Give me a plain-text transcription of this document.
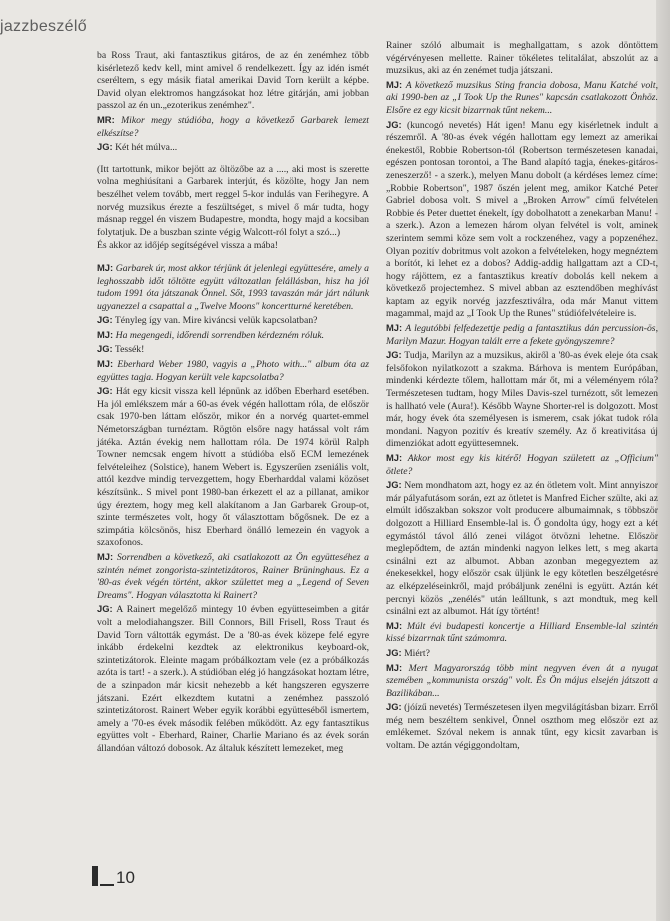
jazzbeszélő

ba Ross Traut, aki fantasztikus gitáros, de az én zenémhez több kisérletező kedv kell, mint amivel ő rendelkezett. Így az idén ismét cseréltem, s egy másik fiatal amerikai David Torn került a képbe. David olyan elektromos hangzásokat hoz létre gitárján, ami jobban passzol az én un.„ezoterikus zenémhez".

MR: Mikor megy stúdióba, hogy a következő Garbarek lemezt elkészítse?

JG: Két hét múlva...

(Itt tartottunk, mikor bejött az öltözőbe az a ...., aki most is szerette volna meghiúsítani a Garbarek interjút, és közölte, hogy Jan nem beszélhet velem tovább, mert reggel 5-kor indulás van Ferihegyre. A norvég muzsikus érezte a feszültséget, s mivel ő már tudta, hogy másnap reggel én viszem Budapestre, mondta, hogy majd a kocsiban folytatjuk. De a buszban szinte végig Walcott-ról folyt a szó...)

És akkor az időjép segítségével vissza a mába!

MJ: Garbarek úr, most akkor térjünk át jelenlegi együttesére, amely a leghosszabb időt töltötte együtt változatlan felállásban, hisz ha jól tudom 1991 óta játszanak Önnel. Sőt, 1993 tavaszán már járt nálunk ugyanezzel a csapattal a „Twelve Moons" koncertturné keretében.

JG: Tényleg így van. Mire kiváncsi velük kapcsolatban?

MJ: Ha megengedi, időrendi sorrendben kérdezném róluk.

JG: Tessék!

MJ: Eberhard Weber 1980, vagyis a „Photo with..." album óta az együttes tagja. Hogyan került vele kapcsolatba?

JG: Hát egy kicsit vissza kell lépnünk az időben Eberhard esetében. Ha jól emlékszem már a 60-as évek végén hallottam róla, de először csak 1970-ben láttam először, mikor én a norvég quartet-emmel Németországban turnéztam. Rögtön elsőre nagy hatással volt rám játéka. Aztán évekig nem hallottam róla. De 1974 körül Ralph Towner nemcsak engem hívott a stúdióba első ECM lemezének felvételeihez (Solstice), hanem Webert is. Egyszerűen zseniális volt, attól kezdve mindig tervezgettem, hogy Eberharddal valami közöset készítsünk.. S mivel pont 1980-ban érkezett el az a pillanat, amikor úgy éreztem, hogy meg kell alakítanom a Jan Garbarek Group-ot, szinte természetes volt, hogy őt választottam bőgősnek. De ez a szimpátia kölcsönös, hisz Eberhard önálló lemezein én vagyok a szaxofonos.

MJ: Sorrendben a következő, aki csatlakozott az Ön együtteséhez a szintén német zongorista-szintetizátoros, Rainer Brüninghaus. Ez a '80-as évek végén történt, akkor születtet meg a „Legend of Seven Dreams". Hogyan választotta ki Rainert?

JG: A Rainert megelőző mintegy 10 évben együtteseimben a gitár volt a melodiahangszer. Bill Connors, Bill Frisell, Ross Traut és David Torn váltották egymást. De a '80-as évek közepe felé egyre inkább érdekelni kezdtek az elektronikus keyboard-ok, szintetizátorok. Eleinte magam próbálkoztam vele (ez a próbálkozás azóta is tart! - a szerk.). A stúdióban elég jó hangzásokat hoztam létre, de a szinpadon már kicsit nehezebb a két hangszeren egyszerre játszani. Ezért elkezdtem kutatni a zenémhez passzoló szintetizátorost. Rainert Weber egyik korábbi együtteséből ismertem, amely a '70-es évek második felében működött. Az egy fantasztikus együttes volt - Eberhard, Rainer, Charlie Mariano és az évek során állandóan változó dobosok. Az általuk készített lemezeket, meg

Rainer szóló albumait is meghallgattam, s azok döntöttem végérvényesen mellette. Rainer tökéletes telitalálat, abszolút az a muzsikus, aki az én zenémet tudja játszani.

MJ: A következő muzsikus Sting francia dobosa, Manu Katché volt, aki 1990-ben az „I Took Up the Runes" kapcsán csatlakozott Önhöz. Elsőre ez egy kicsit bizarrnak tűnt nekem...

JG: (kuncogó nevetés) Hát igen! Manu egy kisérletnek indult a részemről. A '80-as évek végén hallottam egy lemezt az amerikai énekestől, Robbie Robertson-tól (Robertson természetesen kanadai, egészen pontosan torontoi, a The Band alapító tagja, énekes-gitáros-zeneszerző! - a szerk.), melyen Manu dobolt (a kérdéses lemez címe: „Robbie Robertson", 1987 őszén jelent meg, amikor Katché Peter Gabriel dobosa volt. S mivel a „Broken Arrow" című felvételen Robbie és Peter duettet énekelt, így dobolhatott a zenekarban Manu! - a szerk.). Azon a lemezen három olyan felvétel is volt, aminek szerintem semmi köze sem volt a rockzenéhez, vagy a popzenéhez. Olyan pozitív dobritmus volt azokon a felvételeken, hogy megnéztem a borítót, ki lehet ez a dobos? Addig-addig hallgattam azt a CD-t, hogy rájöttem, ez a fantasztikus kreatív dobolás kell nekem a következő projectemhez. S mivel abban az esztendőben meghívást kaptam az egyik norvég jazzfesztiválra, oda már Manut vittem magammal, majd az „I Took Up the Runes" stúdiófelvételeire is.

MJ: A legutóbbi felfedezettje pedig a fantasztikus dán percussion-ös, Marilyn Mazur. Hogyan talált erre a fekete gyöngyszemre?

JG: Tudja, Marilyn az a muzsikus, akiről a '80-as évek eleje óta csak felsőfokon nyilatkozott a szakma. Bárhova is mentem Európában, mindenki kérdezte tőlem, hallottam már őt, mi a véleményem róla? Természetesen tudtam, hogy Miles Davis-szel turnézott, sőt lemezen is hallható vele (Aura!). Később Wayne Shorter-rel is dolgozott. Most már, hogy évek óta személyesen is ismerem, csak jókat tudok róla mondani. Nagyon pozitív és kreatív személy. Az ő kreativitása új dimenziókat adott együttesemnek.

MJ: Akkor most egy kis kitérő! Hogyan született az „Officium" ötlete?

JG: Nem mondhatom azt, hogy ez az én ötletem volt. Mint annyiszor már pályafutásom során, ezt az ötletet is Manfred Eicher szülte, aki az elmúlt időszakban sokszor volt producere albumaimnak, s többször dolgozott a Hilliard Ensemble-lal is. Ő gondolta úgy, hogy ezt a két egymástól távol álló zenei világot ötvözni lehetne. Először meglepődtem, de aztán mindenki nagyon lelkes lett, s meg akarta csinálni ezt az albumot. Abban azonban megegyeztem az énekesekkel, hogy először csak üljünk le egy kötetlen beszélgetésre az elképzeléseinkről, majd próbáljunk zenélni is együtt. Aztán két percnyi közös „zenélés" után leálltunk, s azt mondtuk, meg kell csinálni ezt az albumot. Hát így történt!

MJ: Múlt évi budapesti koncertje a Hilliard Ensemble-lal szintén kissé bizarrnak tűnt számomra.

JG: Miért?

MJ: Mert Magyarország több mint negyven éven át a nyugat szemében „kommunista ország" volt. És Ön május elsején játszott a Bazilikában...

JG: (jóízű nevetés) Természetesen ilyen megvilágításban bizarr. Erről még nem beszéltem senkivel, Önnel oszthom meg először ezt az emlékemet. Szóval nekem is annak tűnt, egy kicsit zavarban is voltam. De aztán végiggondoltam,

10
